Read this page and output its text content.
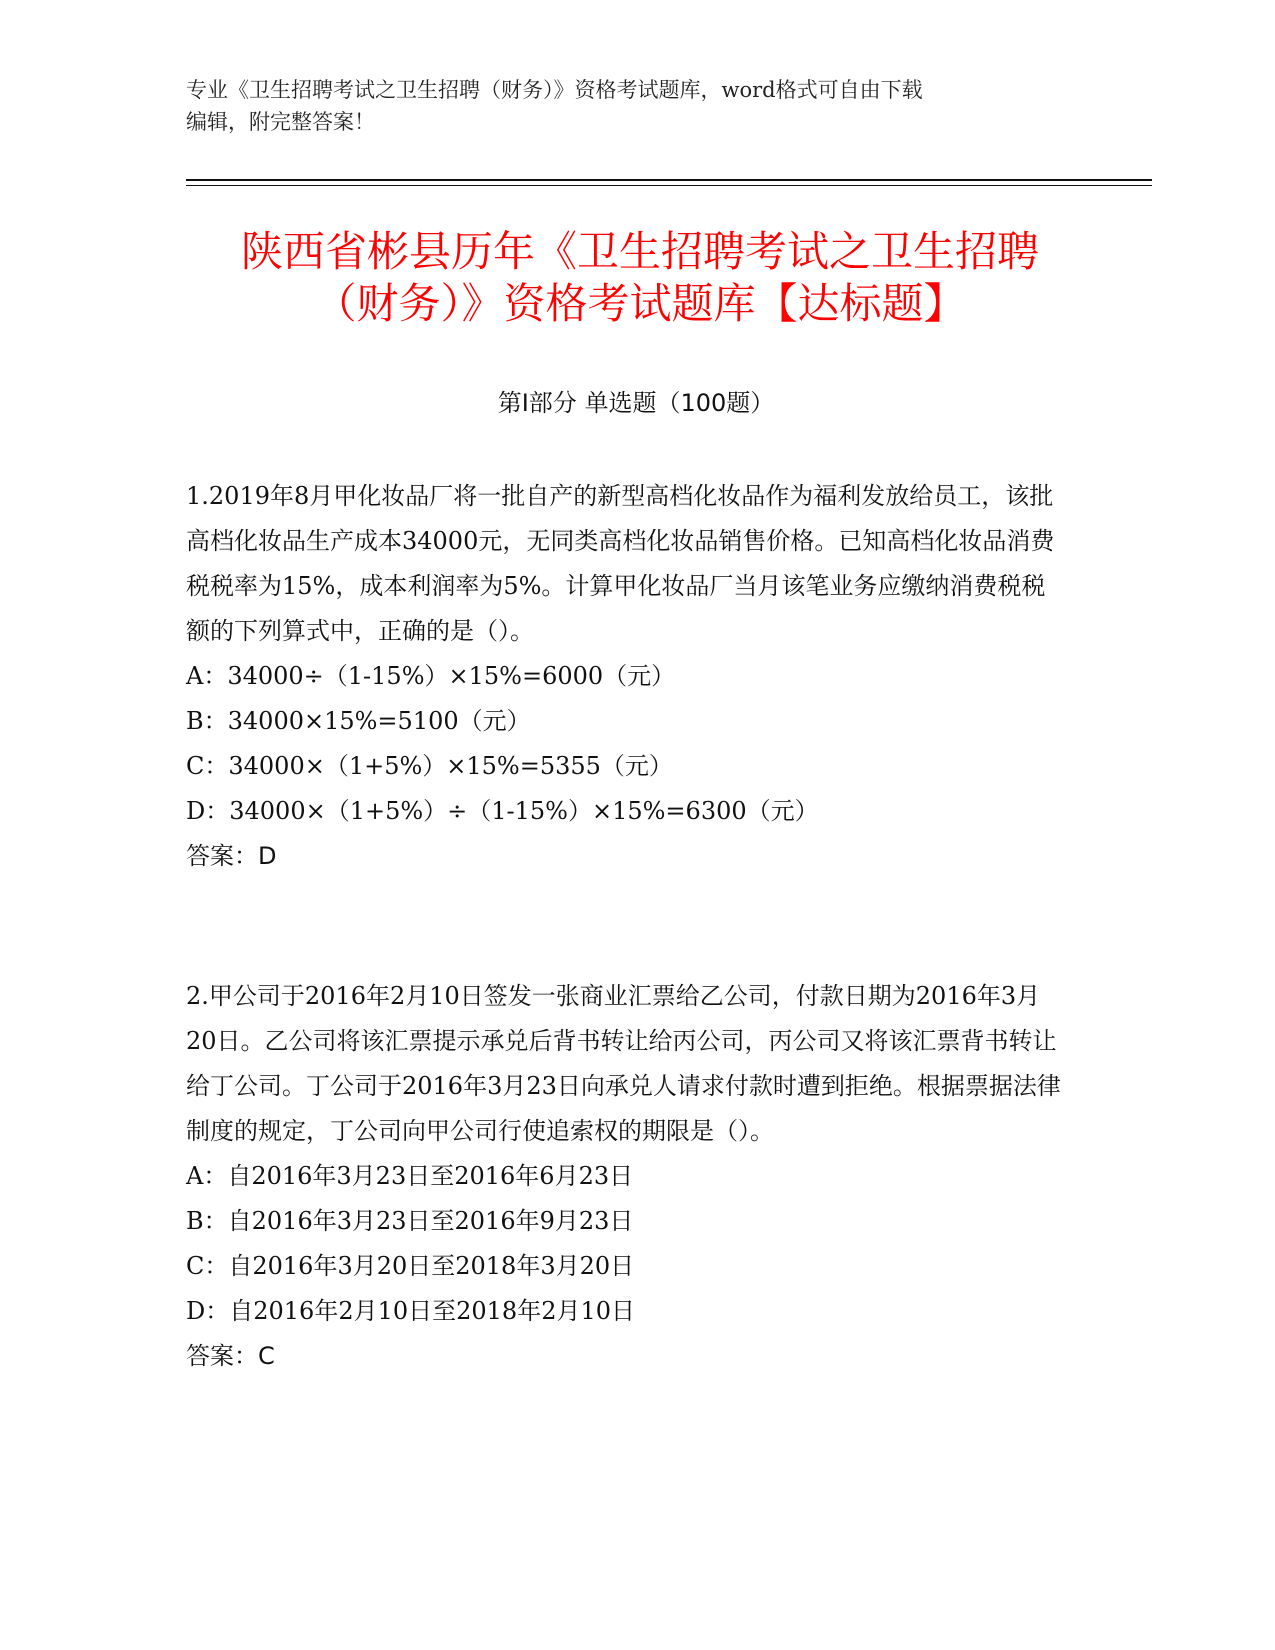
专业《卫生招聘考试之卫生招聘（财务）》资格考试题库，word格式可自由下载
编辑，附完整答案！
陕西省彬县历年《卫生招聘考试之卫生招聘
（财务）》资格考试题库【达标题】
第I部分 单选题（100题）

1.2019年8月甲化妆品厂将一批自产的新型高档化妆品作为福利发放给员工，该批高档化妆品生产成本34000元，无同类高档化妆品销售价格。已知高档化妆品消费税税率为15%，成本利润率为5%。计算甲化妆品厂当月该笔业务应缴纳消费税税额的下列算式中，正确的是（）。

A：34000÷（1-15%）×15%=6000（元）

B：34000×15%=5100（元）

C：34000×（1+5%）×15%=5355（元）

D：34000×（1+5%）÷（1-15%）×15%=6300（元）

答案：D

2.甲公司于2016年2月10日签发一张商业汇票给乙公司，付款日期为2016年3月20日。乙公司将该汇票提示承兑后背书转让给丙公司，丙公司又将该汇票背书转让给丁公司。丁公司于2016年3月23日向承兑人请求付款时遭到拒绝。根据票据法律制度的规定，丁公司向甲公司行使追索权的期限是（）。

A：自2016年3月23日至2016年6月23日

B：自2016年3月23日至2016年9月23日

C：自2016年3月20日至2018年3月20日

D：自2016年2月10日至2018年2月10日

答案：C
